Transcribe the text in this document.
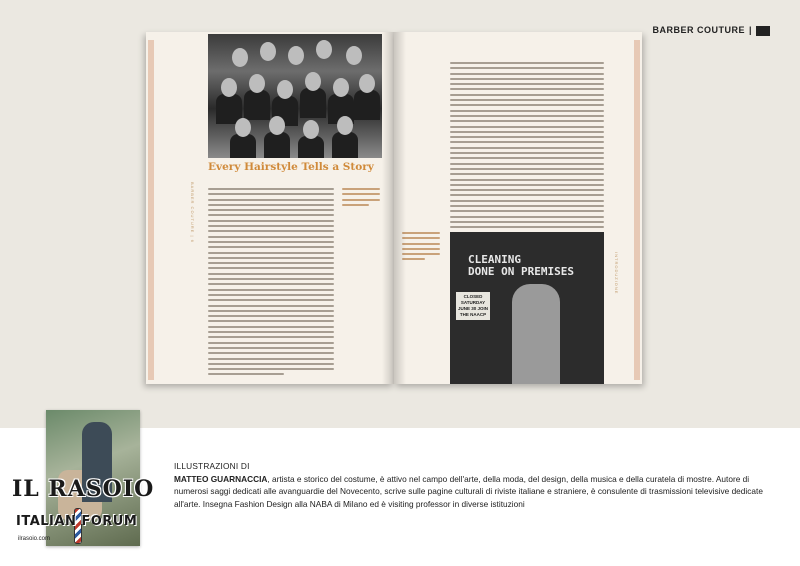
BARBER COUTURE |
Every Hairstyle Tells a Story
BARBER COUTURE | 6
INTRODUZIONE
CLEANING
DONE ON PREMISES
CLOSED SATURDAY JUNE 30 JOIN THE NAACP
IL RASOIO
ITALIAN FORUM
ilrasoio.com
ILLUSTRAZIONI DI
MATTEO GUARNACCIA, artista e storico del costume, è attivo nel campo dell'arte, della moda, del design, della musica e della curatela di mostre. Autore di numerosi saggi dedicati alle avanguardie del Novecento, scrive sulle pagine culturali di riviste italiane e straniere, è consulente di trasmissioni televisive dedicate all'arte. Insegna Fashion Design alla NABA di Milano ed è visiting professor in diverse istituzioni
